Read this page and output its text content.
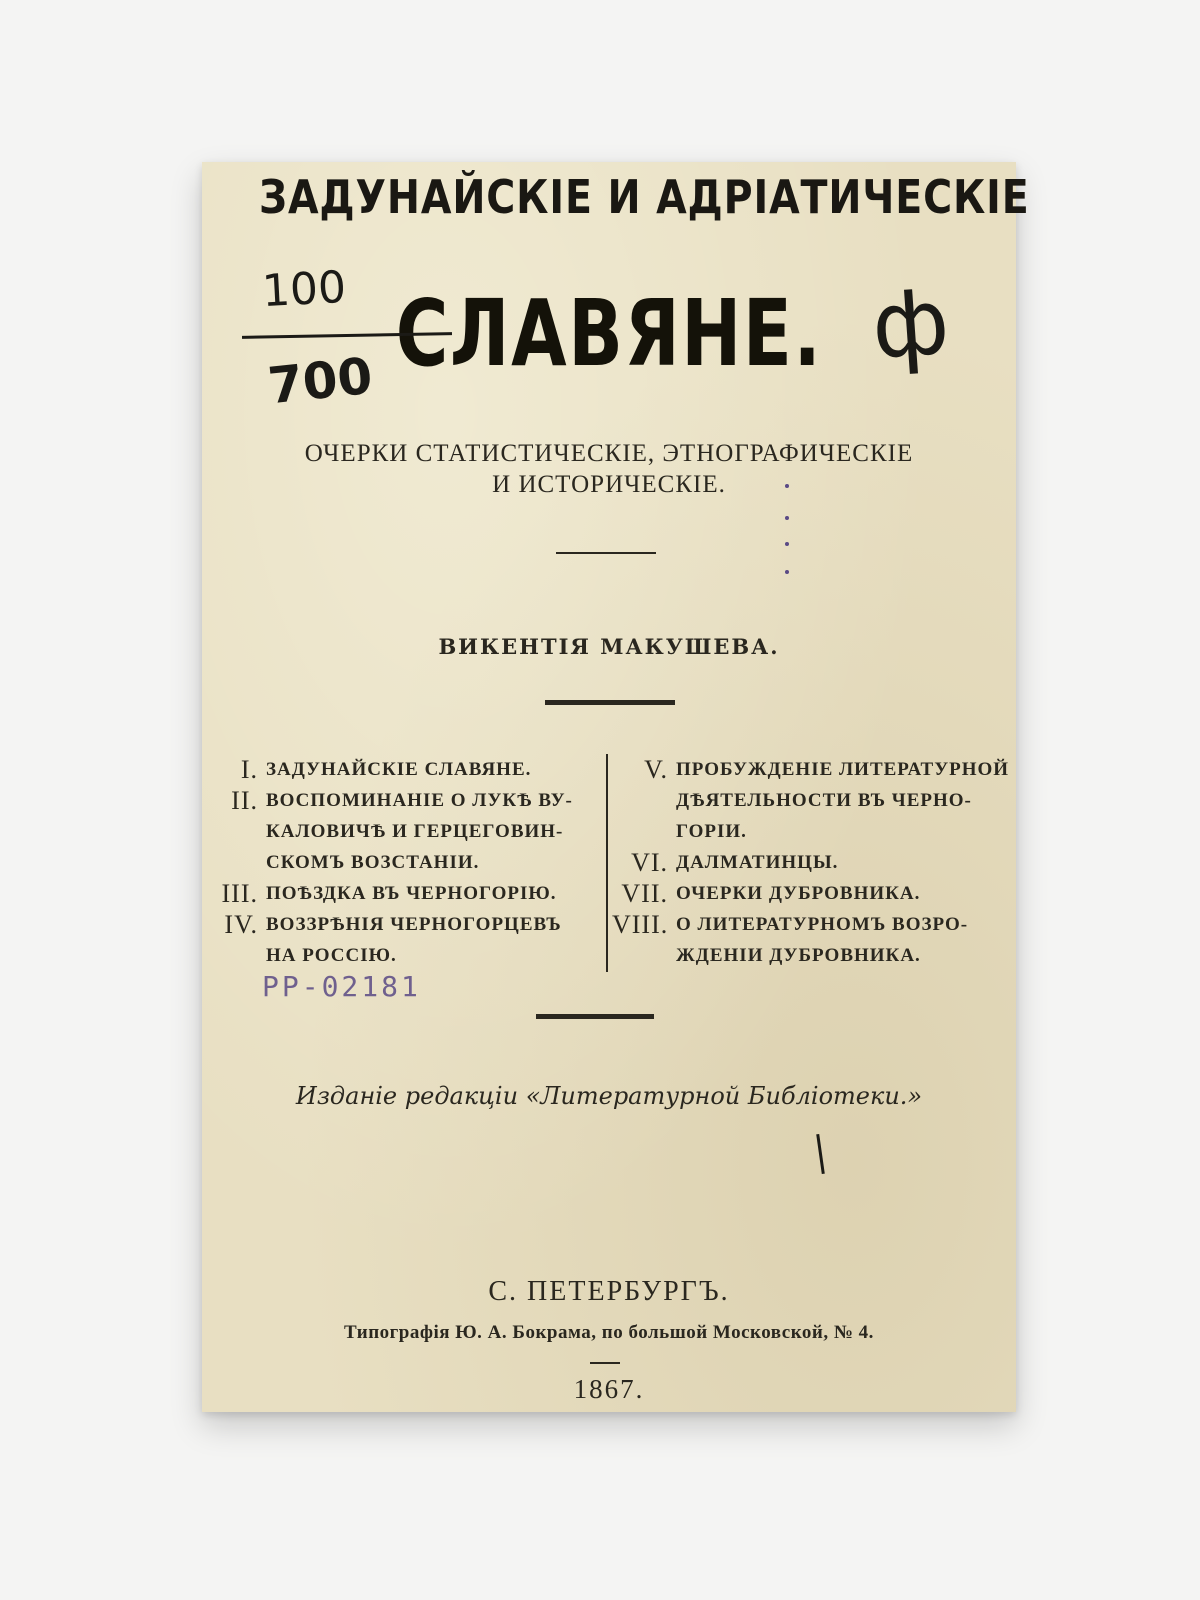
ЗАДУНАЙСКІЕ И АДРІАТИЧЕСКІЕ
СЛАВЯНЕ.
100
700
ф
ОЧЕРКИ СТАТИСТИЧЕСКІЕ, ЭТНОГРАФИЧЕСКІЕ
И ИСТОРИЧЕСКІЕ.
ВИКЕНТІЯ МАКУШЕВА.
I. ЗАДУНАЙСКІЕ СЛАВЯНЕ.
II. ВОСПОМИНАНІЕ О ЛУКѢ ВУ-
КАЛОВИЧѢ И ГЕРЦЕГОВИН-
СКОМЪ ВОЗСТАНІИ.
III. ПОѢЗДКА ВЪ ЧЕРНОГОРІЮ.
IV. ВОЗЗРѢНІЯ ЧЕРНОГОРЦЕВЪ
НА РОССІЮ.
V. ПРОБУЖДЕНІЕ ЛИТЕРАТУРНОЙ
ДѢЯТЕЛЬНОСТИ ВЪ ЧЕРНО-
ГОРІИ.
VI. ДАЛМАТИНЦЫ.
VII. ОЧЕРКИ ДУБРОВНИКА.
VIII. О ЛИТЕРАТУРНОМЪ ВОЗРО-
ЖДЕНІИ ДУБРОВНИКА.
РР-02181
Изданіе редакціи «Литературной Библіотеки.»
С. ПЕТЕРБУРГЪ.
Типографія Ю. А. Бокрама, по большой Московской, № 4.
1867.
